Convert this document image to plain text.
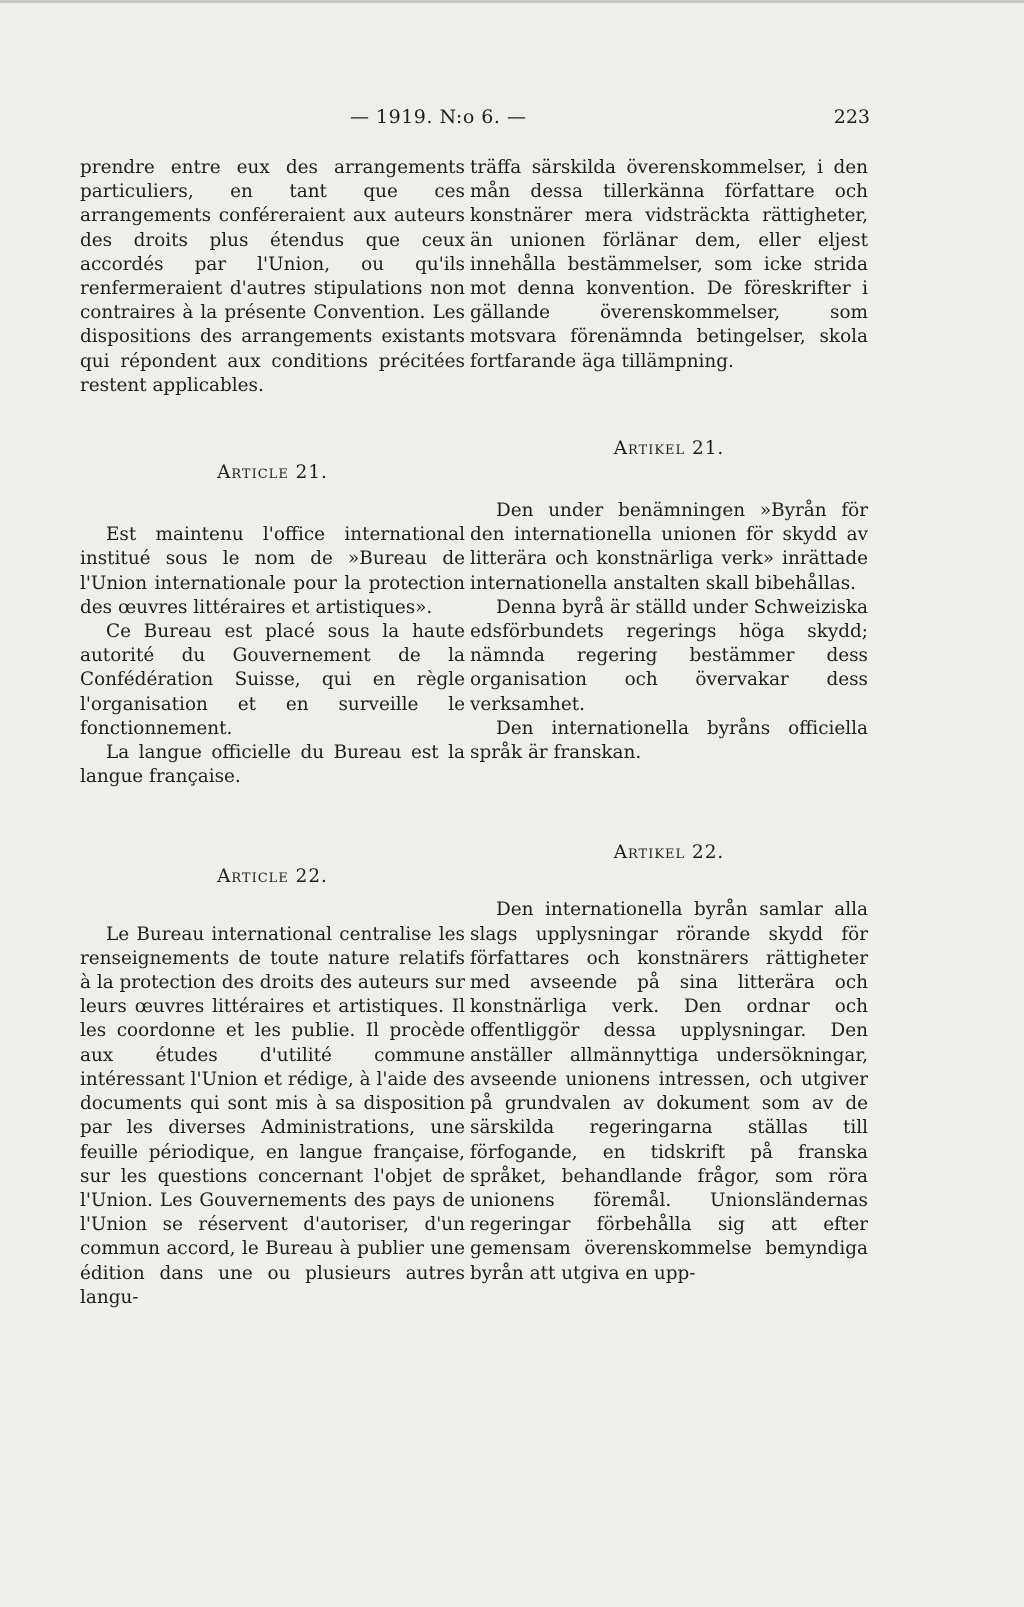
— 1919. N:o 6. —	223

prendre entre eux des arrangements particuliers, en tant que ces arrangements conféreraient aux auteurs des droits plus étendus que ceux accordés par l'Union, ou qu'ils renfermeraient d'autres stipulations non contraires à la présente Convention. Les dispositions des arrangements existants qui répondent aux conditions précitées restent applicables.

Article 21.

Est maintenu l'office international institué sous le nom de »Bureau de l'Union internationale pour la protection des œuvres littéraires et artistiques».

Ce Bureau est placé sous la haute autorité du Gouvernement de la Confédération Suisse, qui en règle l'organisation et en surveille le fonctionnement.

La langue officielle du Bureau est la langue française.

Article 22.

Le Bureau international centralise les renseignements de toute nature relatifs à la protection des droits des auteurs sur leurs œuvres littéraires et artistiques. Il les coordonne et les publie. Il procède aux études d'utilité commune intéressant l'Union et rédige, à l'aide des documents qui sont mis à sa disposition par les diverses Administrations, une feuille périodique, en langue française, sur les questions concernant l'objet de l'Union. Les Gouvernements des pays de l'Union se réservent d'autoriser, d'un commun accord, le Bureau à publier une édition dans une ou plusieurs autres langu-

träffa särskilda överenskommelser, i den mån dessa tillerkänna författare och konstnärer mera vidsträckta rättigheter, än unionen förlänar dem, eller eljest innehålla bestämmelser, som icke strida mot denna konvention. De föreskrifter i gällande överenskommelser, som motsvara förenämnda betingelser, skola fortfarande äga tillämpning.

Artikel 21.

Den under benämningen »Byrån för den internationella unionen för skydd av litterära och konstnärliga verk» inrättade internationella anstalten skall bibehållas.

Denna byrå är ställd under Schweiziska edsförbundets regerings höga skydd; nämnda regering bestämmer dess organisation och övervakar dess verksamhet.

Den internationella byråns officiella språk är franskan.

Artikel 22.

Den internationella byrån samlar alla slags upplysningar rörande skydd för författares och konstnärers rättigheter med avseende på sina litterära och konstnärliga verk. Den ordnar och offentliggör dessa upplysningar. Den anställer allmännyttiga undersökningar, avseende unionens intressen, och utgiver på grundvalen av dokument som av de särskilda regeringarna ställas till förfogande, en tidskrift på franska språket, behandlande frågor, som röra unionens föremål. Unionsländernas regeringar förbehålla sig att efter gemensam överenskommelse bemyndiga byrån att utgiva en upp-
